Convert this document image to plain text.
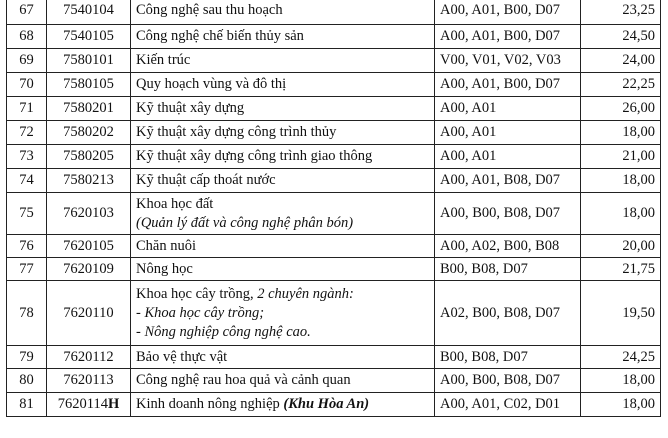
67	7540104	Công nghệ sau thu hoạch	A00, A01, B00, D07	23,25
68	7540105	Công nghệ chế biến thủy sản	A00, A01, B00, D07	24,50
69	7580101	Kiến trúc	V00, V01, V02, V03	24,00
70	7580105	Quy hoạch vùng và đô thị	A00, A01, B00, D07	22,25
71	7580201	Kỹ thuật xây dựng	A00, A01	26,00
72	7580202	Kỹ thuật xây dựng công trình thủy	A00, A01	18,00
73	7580205	Kỹ thuật xây dựng công trình giao thông	A00, A01	21,00
74	7580213	Kỹ thuật cấp thoát nước	A00, A01, B08, D07	18,00
75	7620103	Khoa học đất
(Quản lý đất và công nghệ phân bón)	A00, B00, B08, D07	18,00
76	7620105	Chăn nuôi	A00, A02, B00, B08	20,00
77	7620109	Nông học	B00, B08, D07	21,75
78	7620110	Khoa học cây trồng, 2 chuyên ngành:
- Khoa học cây trồng;
- Nông nghiệp công nghệ cao.	A02, B00, B08, D07	19,50
79	7620112	Bảo vệ thực vật	B00, B08, D07	24,25
80	7620113	Công nghệ rau hoa quả và cảnh quan	A00, B00, B08, D07	18,00
81	7620114H	Kinh doanh nông nghiệp (Khu Hòa An)	A00, A01, C02, D01	18,00
